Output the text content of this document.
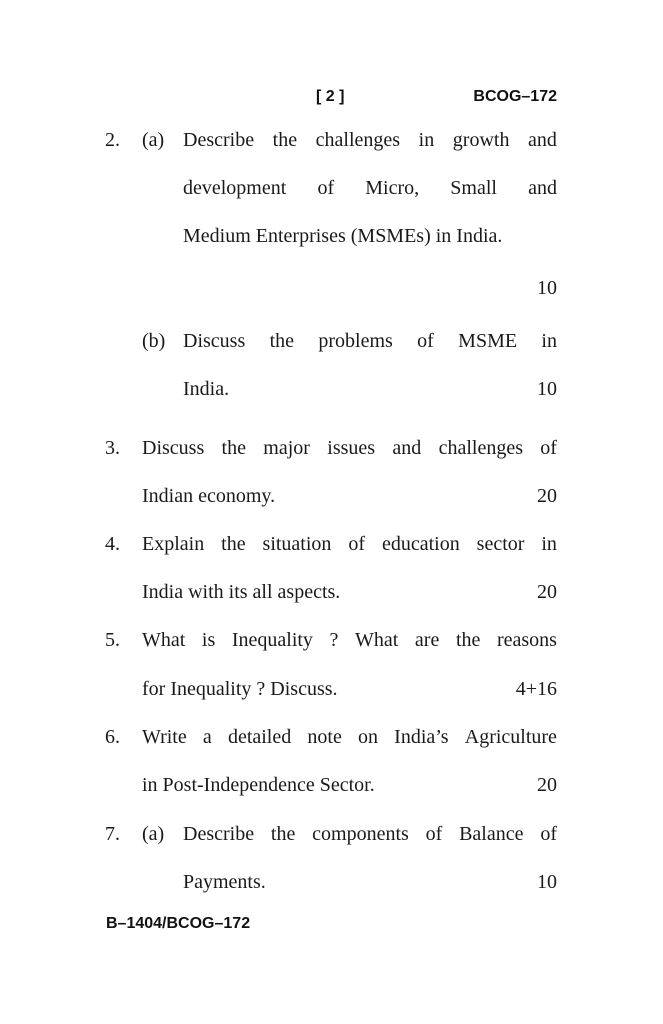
[ 2 ]	BCOG–172
2. (a) Describe the challenges in growth and
development of Micro, Small and
Medium Enterprises (MSMEs) in India.
10
(b) Discuss the problems of MSME in
India.	10
3. Discuss the major issues and challenges of
Indian economy.	20
4. Explain the situation of education sector in
India with its all aspects.	20
5. What is Inequality ? What are the reasons
for Inequality ? Discuss.	4+16
6. Write a detailed note on India’s Agriculture
in Post-Independence Sector.	20
7. (a) Describe the components of Balance of
Payments.	10
B–1404/BCOG–172
